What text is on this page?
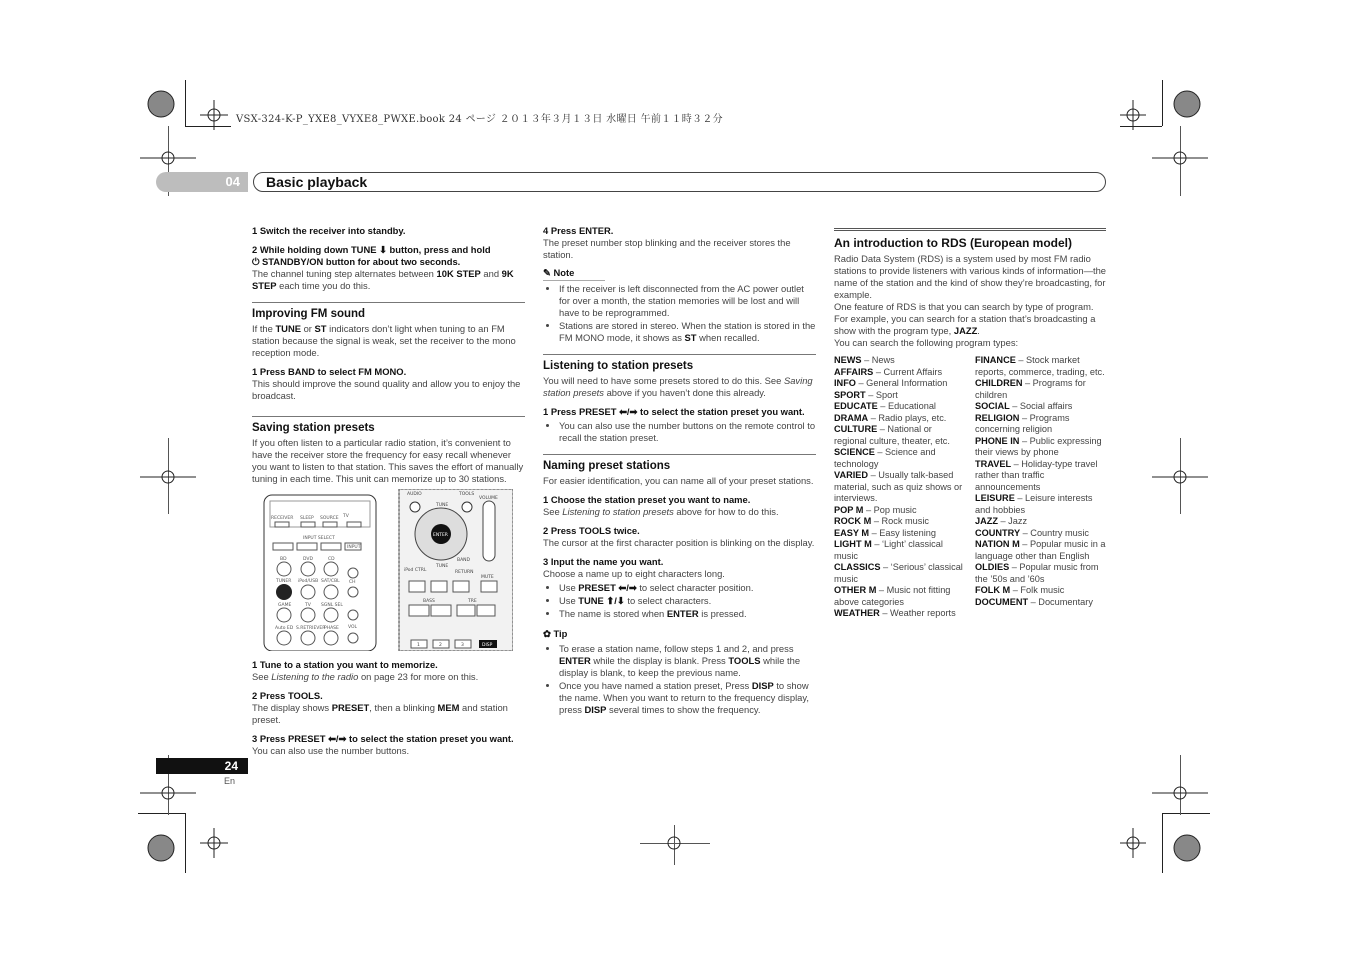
VSX-324-K-P_YXE8_VYXE8_PWXE.book 24 ページ ２０１３年３月１３日 水曜日 午前１１時３２分
04 Basic playback

1 Switch the receiver into standby.

2 While holding down TUNE ⬇ button, press and hold

⏻ STANDBY/ON button for about two seconds.

The channel tuning step alternates between 10K STEP and 9K STEP each time you do this.

Improving FM sound

If the TUNE or ST indicators don’t light when tuning to an FM station because the signal is weak, set the receiver to the mono reception mode.

1 Press BAND to select FM MONO.

This should improve the sound quality and allow you to enjoy the broadcast.

Saving station presets

If you often listen to a particular radio station, it’s convenient to have the receiver store the frequency for easy recall whenever you want to listen to that station. This saves the effort of manually tuning in each time. This unit can memorize up to 30 stations.

RECEIVER SLEEP SOURCE TV
INPUT SELECT
INPUT
BD	DVD	CD
TUNER iPod/USB SAT/CBL
GAME	TV SGNL SEL
Auto ED S.RETRIEVER
PHASE
CH
VOL
ENTER
AUDIO	TOOLS
VOLUME
TUNE
TUNE
BAND
RETURN
iPod CTRL
MUTE
BASS	TRE
DISP
1	2	3

1 Tune to a station you want to memorize.

See Listening to the radio on page 23 for more on this.

2 Press TOOLS.

The display shows PRESET, then a blinking MEM and station preset.

3 Press PRESET ⬅/➡ to select the station preset you want.

You can also use the number buttons.

4 Press ENTER.

The preset number stop blinking and the receiver stores the station.

✎ Note

• If the receiver is left disconnected from the AC power outlet for over a month, the station memories will be lost and will have to be reprogrammed.
• Stations are stored in stereo. When the station is stored in the FM MONO mode, it shows as ST when recalled.

Listening to station presets

You will need to have some presets stored to do this. See Saving station presets above if you haven’t done this already.

1 Press PRESET ⬅/➡ to select the station preset you want.

• You can also use the number buttons on the remote control to recall the station preset.

Naming preset stations

For easier identification, you can name all of your preset stations.

1 Choose the station preset you want to name.

See Listening to station presets above for how to do this.

2 Press TOOLS twice.

The cursor at the first character position is blinking on the display.

3 Input the name you want.

Choose a name up to eight characters long.

• Use PRESET ⬅/➡ to select character position.
• Use TUNE ⬆/⬇ to select characters.
• The name is stored when ENTER is pressed.

✿ Tip

• To erase a station name, follow steps 1 and 2, and press ENTER while the display is blank. Press TOOLS while the display is blank, to keep the previous name.
• Once you have named a station preset, Press DISP to show the name. When you want to return to the frequency display, press DISP several times to show the frequency.

An introduction to RDS (European model)

Radio Data System (RDS) is a system used by most FM radio stations to provide listeners with various kinds of information—the name of the station and the kind of show they’re broadcasting, for example.

One feature of RDS is that you can search by type of program. For example, you can search for a station that’s broadcasting a show with the program type, JAZZ.

You can search the following program types:

NEWS – News
AFFAIRS – Current Affairs
INFO – General Information
SPORT – Sport
EDUCATE – Educational
DRAMA – Radio plays, etc.
CULTURE – National or regional culture, theater, etc.
SCIENCE – Science and technology
VARIED – Usually talk-based material, such as quiz shows or interviews.
POP M – Pop music
ROCK M – Rock music
EASY M – Easy listening
LIGHT M – ‘Light’ classical music
CLASSICS – ‘Serious’ classical music
OTHER M – Music not fitting above categories
WEATHER – Weather reports
FINANCE – Stock market reports, commerce, trading, etc.
CHILDREN – Programs for children
SOCIAL – Social affairs
RELIGION – Programs concerning religion
PHONE IN – Public expressing their views by phone
TRAVEL – Holiday-type travel rather than traffic announcements
LEISURE – Leisure interests and hobbies
JAZZ – Jazz
COUNTRY – Country music
NATION M – Popular music in a language other than English
OLDIES – Popular music from the ’50s and ’60s
FOLK M – Folk music
DOCUMENT – Documentary
24
En
